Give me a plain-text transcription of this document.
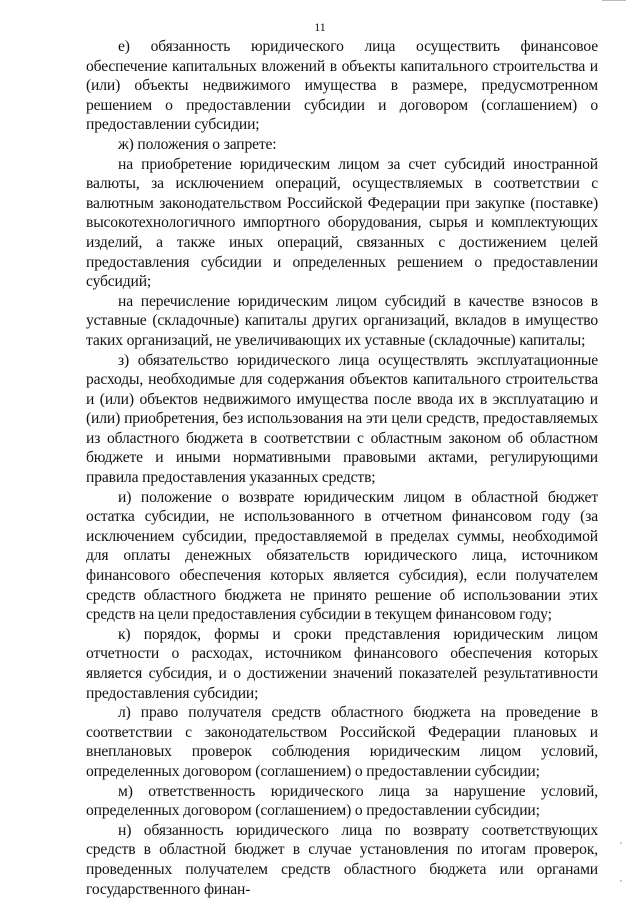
11

е) обязанность юридического лица осуществить финансовое обеспечение капитальных вложений в объекты капитального строительства и (или) объекты недвижимого имущества в размере, предусмотренном решением о предоставлении субсидии и договором (соглашением) о предоставлении субсидии;

ж) положения о запрете:

на приобретение юридическим лицом за счет субсидий иностранной валюты, за исключением операций, осуществляемых в соответствии с валютным законодательством Российской Федерации при закупке (поставке) высокотехнологичного импортного оборудования, сырья и комплектующих изделий, а также иных операций, связанных с достижением целей предоставления субсидии и определенных решением о предоставлении субсидий;

на перечисление юридическим лицом субсидий в качестве взносов в уставные (складочные) капиталы других организаций, вкладов в имущество таких организаций, не увеличивающих их уставные (складочные) капиталы;

з) обязательство юридического лица осуществлять эксплуатационные расходы, необходимые для содержания объектов капитального строительства и (или) объектов недвижимого имущества после ввода их в эксплуатацию и (или) приобретения, без использования на эти цели средств, предоставляемых из областного бюджета в соответствии с областным законом об областном бюджете и иными нормативными правовыми актами, регулирующими правила предоставления указанных средств;

и) положение о возврате юридическим лицом в областной бюджет остатка субсидии, не использованного в отчетном финансовом году (за исключением субсидии, предоставляемой в пределах суммы, необходимой для оплаты денежных обязательств юридического лица, источником финансового обеспечения которых является субсидия), если получателем средств областного бюджета не принято решение об использовании этих средств на цели предоставления субсидии в текущем финансовом году;

к) порядок, формы и сроки представления юридическим лицом отчетности о расходах, источником финансового обеспечения которых является субсидия, и о достижении значений показателей результативности предоставления субсидии;

л) право получателя средств областного бюджета на проведение в соответствии с законодательством Российской Федерации плановых и внеплановых проверок соблюдения юридическим лицом условий, определенных договором (соглашением) о предоставлении субсидии;

м) ответственность юридического лица за нарушение условий, определенных договором (соглашением) о предоставлении субсидии;

н) обязанность юридического лица по возврату соответствующих средств в областной бюджет в случае установления по итогам проверок, проведенных получателем средств областного бюджета или органами государственного финан-
